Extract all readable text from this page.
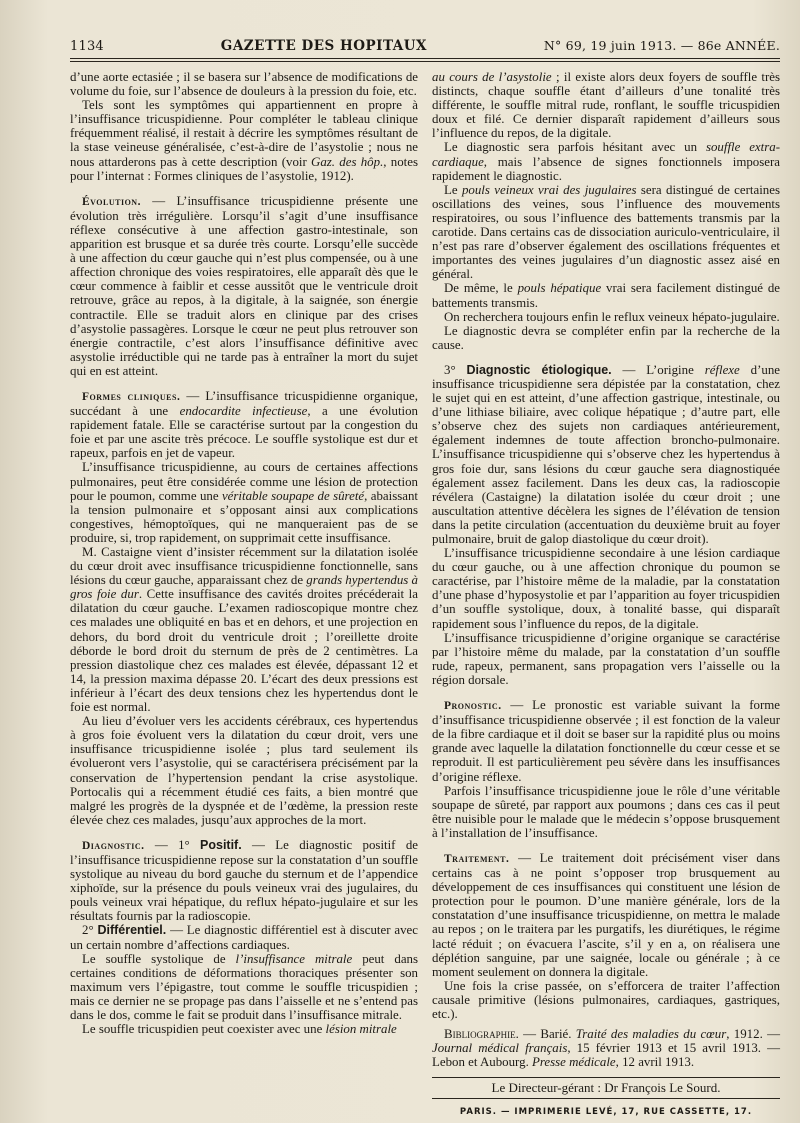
1134	GAZETTE DES HOPITAUX	N° 69, 19 juin 1913. — 86e ANNÉE.

d’une aorte ectasiée ; il se basera sur l’absence de modifications de volume du foie, sur l’absence de douleurs à la pression du foie, etc.

Tels sont les symptômes qui appartiennent en propre à l’insuffisance tricuspidienne. Pour compléter le tableau clinique fréquemment réalisé, il restait à décrire les symptômes résultant de la stase veineuse généralisée, c’est-à-dire de l’asystolie ; nous ne nous attarderons pas à cette description (voir Gaz. des hôp., notes pour l’internat : Formes cliniques de l’asystolie, 1912).

Évolution. — L’insuffisance tricuspidienne présente une évolution très irrégulière. Lorsqu’il s’agit d’une insuffisance réflexe consécutive à une affection gastro-intestinale, son apparition est brusque et sa durée très courte. Lorsqu’elle succède à une affection du cœur gauche qui n’est plus compensée, ou à une affection chronique des voies respiratoires, elle apparaît dès que le cœur commence à faiblir et cesse aussitôt que le ventricule droit retrouve, grâce au repos, à la digitale, à la saignée, son énergie contractile. Elle se traduit alors en clinique par des crises d’asystolie passagères. Lorsque le cœur ne peut plus retrouver son énergie contractile, c’est alors l’insuffisance définitive avec asystolie irréductible qui ne tarde pas à entraîner la mort du sujet qui en est atteint.

Formes cliniques. — L’insuffisance tricuspidienne organique, succédant à une endocardite infectieuse, a une évolution rapidement fatale. Elle se caractérise surtout par la congestion du foie et par une ascite très précoce. Le souffle systolique est dur et rapeux, parfois en jet de vapeur.

L’insuffisance tricuspidienne, au cours de certaines affections pulmonaires, peut être considérée comme une lésion de protection pour le poumon, comme une véritable soupape de sûreté, abaissant la tension pulmonaire et s’opposant ainsi aux complications congestives, hémoptoïques, qui ne manqueraient pas de se produire, si, trop rapidement, on supprimait cette insuffisance.

M. Castaigne vient d’insister récemment sur la dilatation isolée du cœur droit avec insuffisance tricuspidienne fonctionnelle, sans lésions du cœur gauche, apparaissant chez de grands hypertendus à gros foie dur. Cette insuffisance des cavités droites précéderait la dilatation du cœur gauche. L’examen radioscopique montre chez ces malades une obliquité en bas et en dehors, et une projection en dehors, du bord droit du ventricule droit ; l’oreillette droite déborde le bord droit du sternum de près de 2 centimètres. La pression diastolique chez ces malades est élevée, dépassant 12 et 14, la pression maxima dépasse 20. L’écart des deux pressions est inférieur à l’écart des deux tensions chez les hypertendus dont le foie est normal.

Au lieu d’évoluer vers les accidents cérébraux, ces hypertendus à gros foie évoluent vers la dilatation du cœur droit, vers une insuffisance tricuspidienne isolée ; plus tard seulement ils évolueront vers l’asystolie, qui se caractérisera précisément par la conservation de l’hypertension pendant la crise asystolique. Portocalis qui a récemment étudié ces faits, a bien montré que malgré les progrès de la dyspnée et de l’œdème, la pression reste élevée chez ces malades, jusqu’aux approches de la mort.

Diagnostic. — 1° Positif. — Le diagnostic positif de l’insuffisance tricuspidienne repose sur la constatation d’un souffle systolique au niveau du bord gauche du sternum et de l’appendice xiphoïde, sur la présence du pouls veineux vrai des jugulaires, du pouls veineux vrai hépatique, du reflux hépato-jugulaire et sur les résultats fournis par la radioscopie.

2° Différentiel. — Le diagnostic différentiel est à discuter avec un certain nombre d’affections cardiaques.

Le souffle systolique de l’insuffisance mitrale peut dans certaines conditions de déformations thoraciques présenter son maximum vers l’épigastre, tout comme le souffle tricuspidien ; mais ce dernier ne se propage pas dans l’aisselle et ne s’entend pas dans le dos, comme le fait se produit dans l’insuffisance mitrale.

Le souffle tricuspidien peut coexister avec une lésion mitrale

au cours de l’asystolie ; il existe alors deux foyers de souffle très distincts, chaque souffle étant d’ailleurs d’une tonalité très différente, le souffle mitral rude, ronflant, le souffle tricuspidien doux et filé. Ce dernier disparaît rapidement d’ailleurs sous l’influence du repos, de la digitale.

Le diagnostic sera parfois hésitant avec un souffle extra-cardiaque, mais l’absence de signes fonctionnels imposera rapidement le diagnostic.

Le pouls veineux vrai des jugulaires sera distingué de certaines oscillations des veines, sous l’influence des mouvements respiratoires, ou sous l’influence des battements transmis par la carotide. Dans certains cas de dissociation auriculo-ventriculaire, il n’est pas rare d’observer également des oscillations fréquentes et importantes des veines jugulaires d’un diagnostic assez aisé en général.

De même, le pouls hépatique vrai sera facilement distingué de battements transmis.

On recherchera toujours enfin le reflux veineux hépato-jugulaire.

Le diagnostic devra se compléter enfin par la recherche de la cause.

3° Diagnostic étiologique. — L’origine réflexe d’une insuffisance tricuspidienne sera dépistée par la constatation, chez le sujet qui en est atteint, d’une affection gastrique, intestinale, ou d’une lithiase biliaire, avec colique hépatique ; d’autre part, elle s’observe chez des sujets non cardiaques antérieurement, également indemnes de toute affection broncho-pulmonaire. L’insuffisance tricuspidienne qui s’observe chez les hypertendus à gros foie dur, sans lésions du cœur gauche sera diagnostiquée également assez facilement. Dans les deux cas, la radioscopie révélera (Castaigne) la dilatation isolée du cœur droit ; une auscultation attentive décèlera les signes de l’élévation de tension dans la petite circulation (accentuation du deuxième bruit au foyer pulmonaire, bruit de galop diastolique du cœur droit).

L’insuffisance tricuspidienne secondaire à une lésion cardiaque du cœur gauche, ou à une affection chronique du poumon se caractérise, par l’histoire même de la maladie, par la constatation d’une phase d’hyposystolie et par l’apparition au foyer tricuspidien d’un souffle systolique, doux, à tonalité basse, qui disparaît rapidement sous l’influence du repos, de la digitale.

L’insuffisance tricuspidienne d’origine organique se caractérise par l’histoire même du malade, par la constatation d’un souffle rude, rapeux, permanent, sans propagation vers l’aisselle ou la région dorsale.

Pronostic. — Le pronostic est variable suivant la forme d’insuffisance tricuspidienne observée ; il est fonction de la valeur de la fibre cardiaque et il doit se baser sur la rapidité plus ou moins grande avec laquelle la dilatation fonctionnelle du cœur cesse et se reproduit. Il est particulièrement peu sévère dans les insuffisances d’origine réflexe.

Parfois l’insuffisance tricuspidienne joue le rôle d’une véritable soupape de sûreté, par rapport aux poumons ; dans ces cas il peut être nuisible pour le malade que le médecin s’oppose brusquement à l’installation de l’insuffisance.

Traitement. — Le traitement doit précisément viser dans certains cas à ne point s’opposer trop brusquement au développement de ces insuffisances qui constituent une lésion de protection pour le poumon. D’une manière générale, lors de la constatation d’une insuffisance tricuspidienne, on mettra le malade au repos ; on le traitera par les purgatifs, les diurétiques, le régime lacté réduit ; on évacuera l’ascite, s’il y en a, on réalisera une déplétion sanguine, par une saignée, locale ou générale ; à ce moment seulement on donnera la digitale.

Une fois la crise passée, on s’efforcera de traiter l’affection causale primitive (lésions pulmonaires, cardiaques, gastriques, etc.).

Bibliographie. — Barié. Traité des maladies du cœur, 1912. — Journal médical français, 15 février 1913 et 15 avril 1913. — Lebon et Aubourg. Presse médicale, 12 avril 1913.

Le Directeur-gérant : Dr François Le Sourd.
PARIS. — IMPRIMERIE LEVÉ, 17, RUE CASSETTE, 17.
